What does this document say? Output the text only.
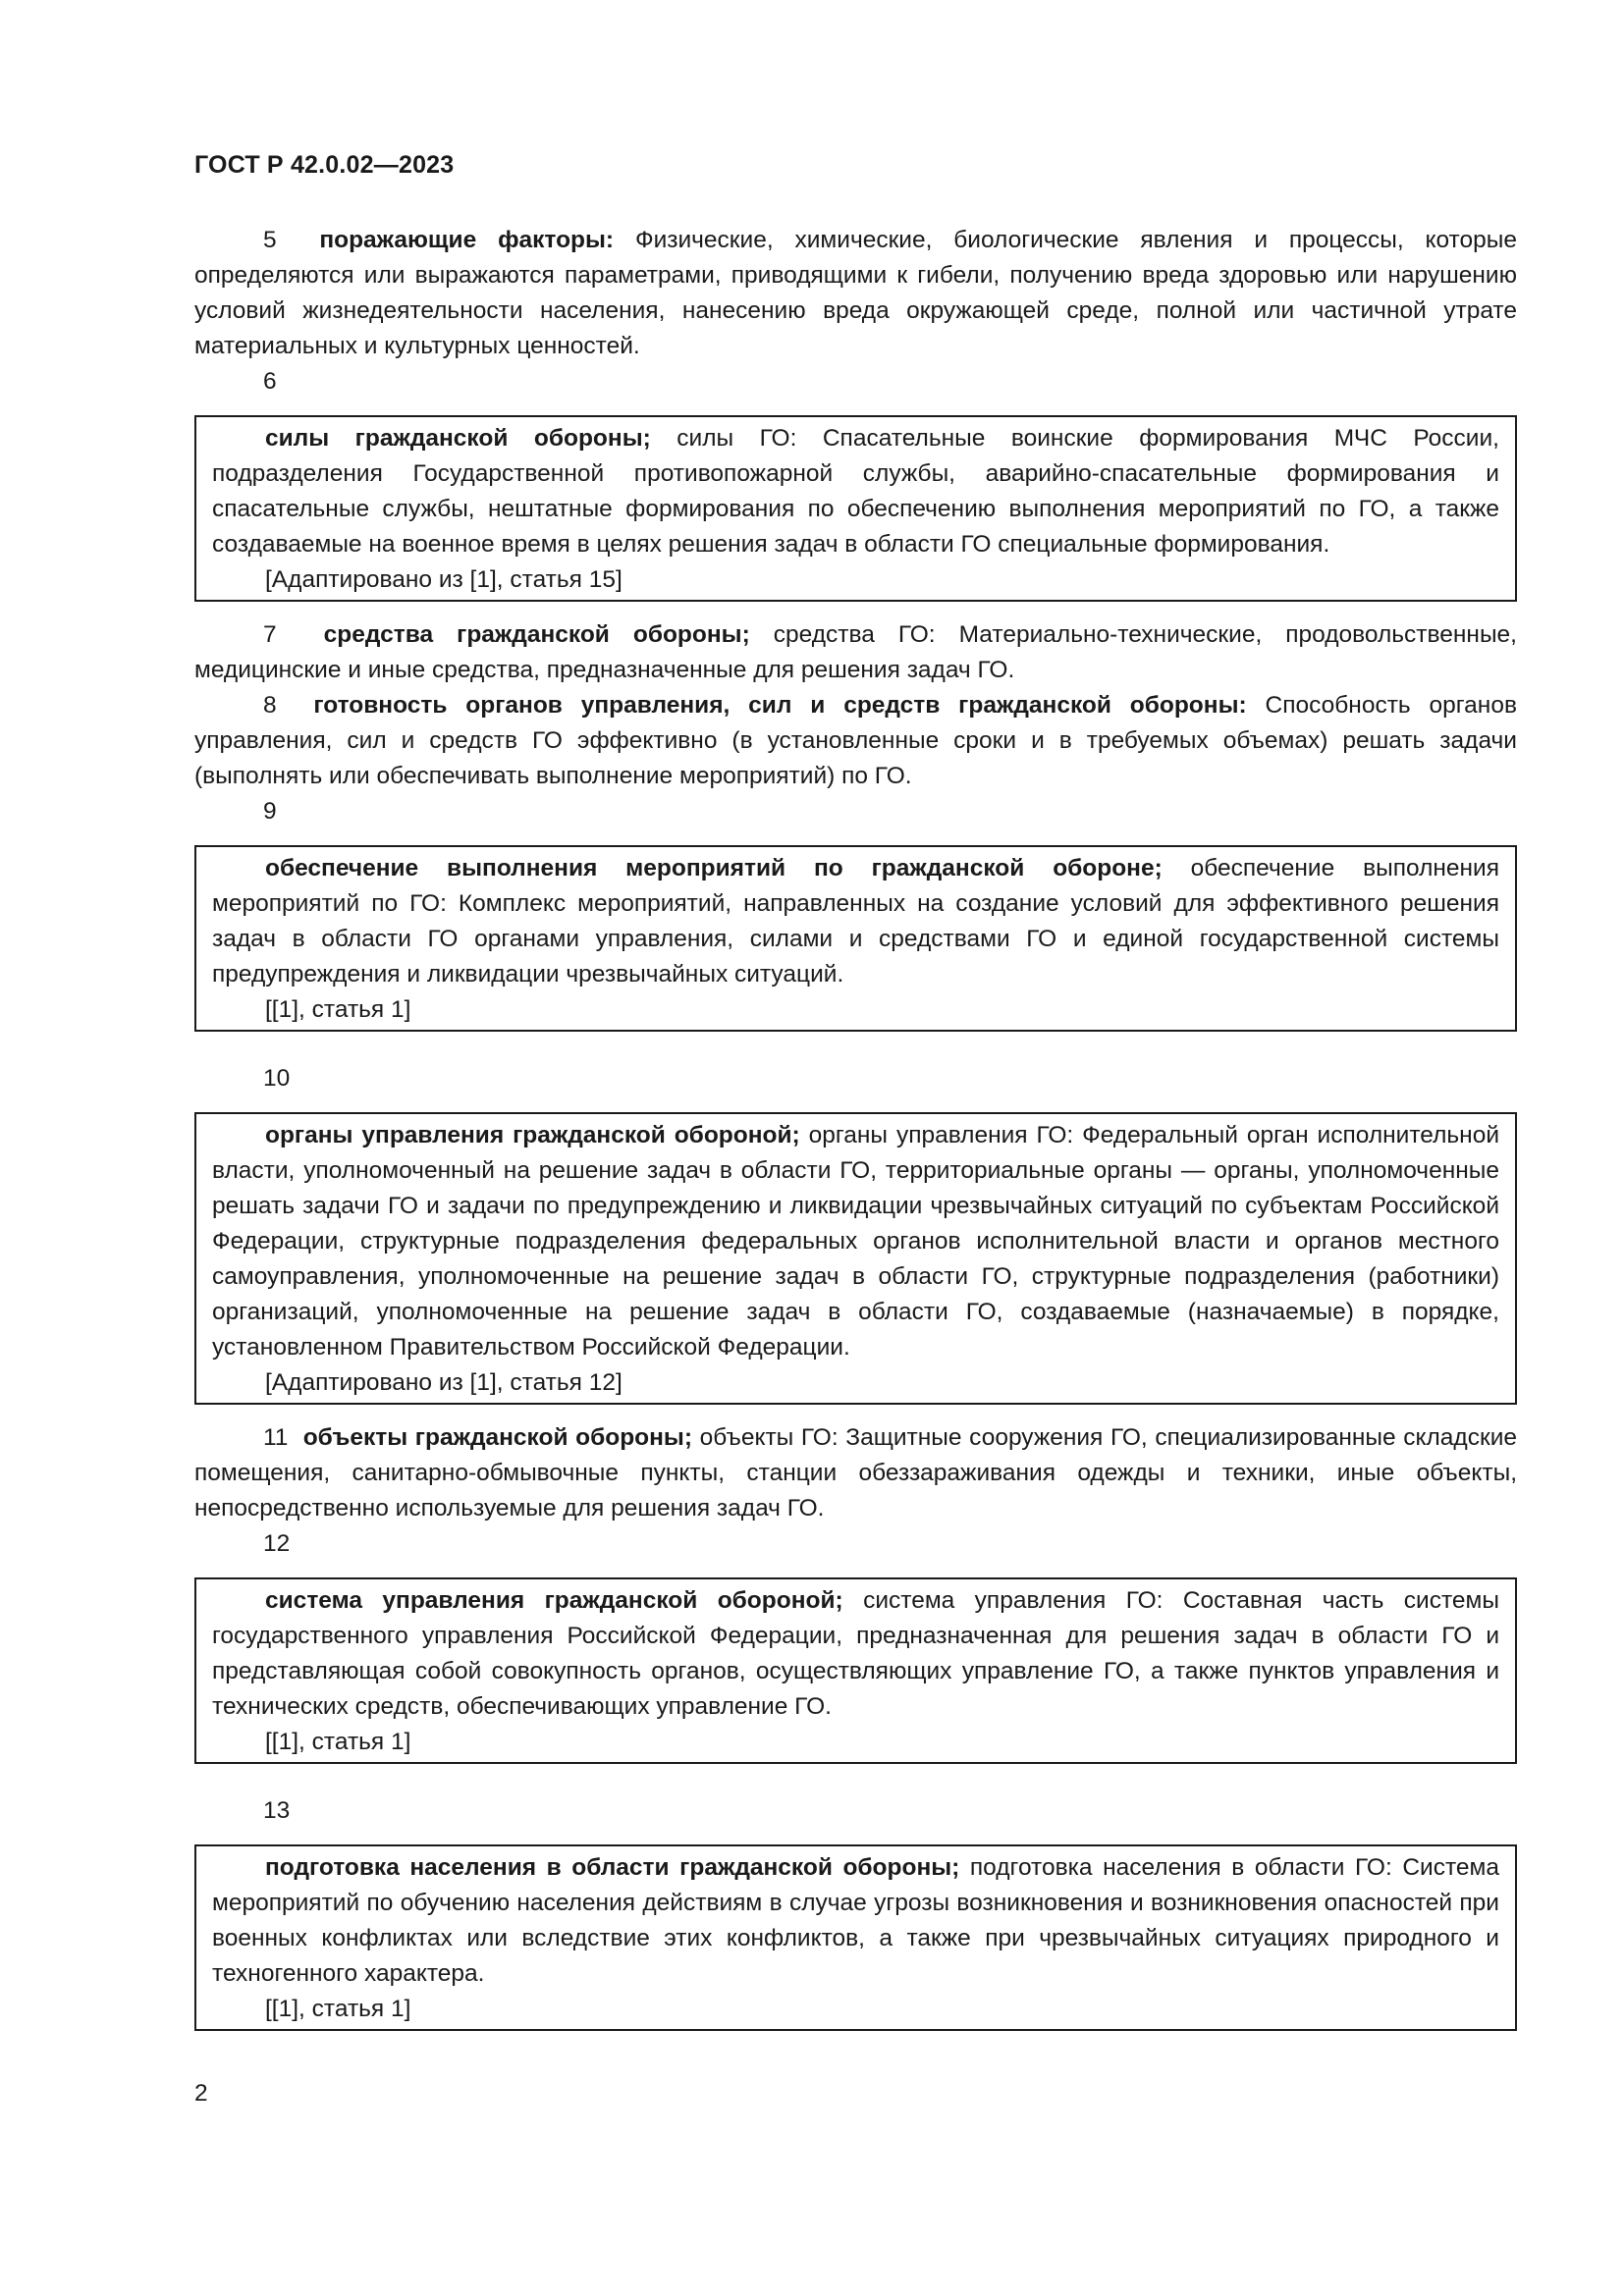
ГОСТ Р 42.0.02—2023

5 поражающие факторы: Физические, химические, биологические явления и процессы, которые определяются или выражаются параметрами, приводящими к гибели, получению вреда здоровью или нарушению условий жизнедеятельности населения, нанесению вреда окружающей среде, полной или частичной утрате материальных и культурных ценностей.

6

силы гражданской обороны; силы ГО: Спасательные воинские формирования МЧС России, подразделения Государственной противопожарной службы, аварийно-спасательные формирования и спасательные службы, нештатные формирования по обеспечению выполнения мероприятий по ГО, а также создаваемые на военное время в целях решения задач в области ГО специальные формирования.

[Адаптировано из [1], статья 15]

7 средства гражданской обороны; средства ГО: Материально-технические, продовольственные, медицинские и иные средства, предназначенные для решения задач ГО.

8 готовность органов управления, сил и средств гражданской обороны: Способность органов управления, сил и средств ГО эффективно (в установленные сроки и в требуемых объемах) решать задачи (выполнять или обеспечивать выполнение мероприятий) по ГО.

9

обеспечение выполнения мероприятий по гражданской обороне; обеспечение выполнения мероприятий по ГО: Комплекс мероприятий, направленных на создание условий для эффективного решения задач в области ГО органами управления, силами и средствами ГО и единой государственной системы предупреждения и ликвидации чрезвычайных ситуаций.

[[1], статья 1]
10

органы управления гражданской обороной; органы управления ГО: Федеральный орган исполнительной власти, уполномоченный на решение задач в области ГО, территориальные органы — органы, уполномоченные решать задачи ГО и задачи по предупреждению и ликвидации чрезвычайных ситуаций по субъектам Российской Федерации, структурные подразделения федеральных органов исполнительной власти и органов местного самоуправления, уполномоченные на решение задач в области ГО, структурные подразделения (работники) организаций, уполномоченные на решение задач в области ГО, создаваемые (назначаемые) в порядке, установленном Правительством Российской Федерации.

[Адаптировано из [1], статья 12]

11 объекты гражданской обороны; объекты ГО: Защитные сооружения ГО, специализированные складские помещения, санитарно-обмывочные пункты, станции обеззараживания одежды и техники, иные объекты, непосредственно используемые для решения задач ГО.

12

система управления гражданской обороной; система управления ГО: Составная часть системы государственного управления Российской Федерации, предназначенная для решения задач в области ГО и представляющая собой совокупность органов, осуществляющих управление ГО, а также пунктов управления и технических средств, обеспечивающих управление ГО.

[[1], статья 1]
13

подготовка населения в области гражданской обороны; подготовка населения в области ГО: Система мероприятий по обучению населения действиям в случае угрозы возникновения и возникновения опасностей при военных конфликтах или вследствие этих конфликтов, а также при чрезвычайных ситуациях природного и техногенного характера.

[[1], статья 1]
2
